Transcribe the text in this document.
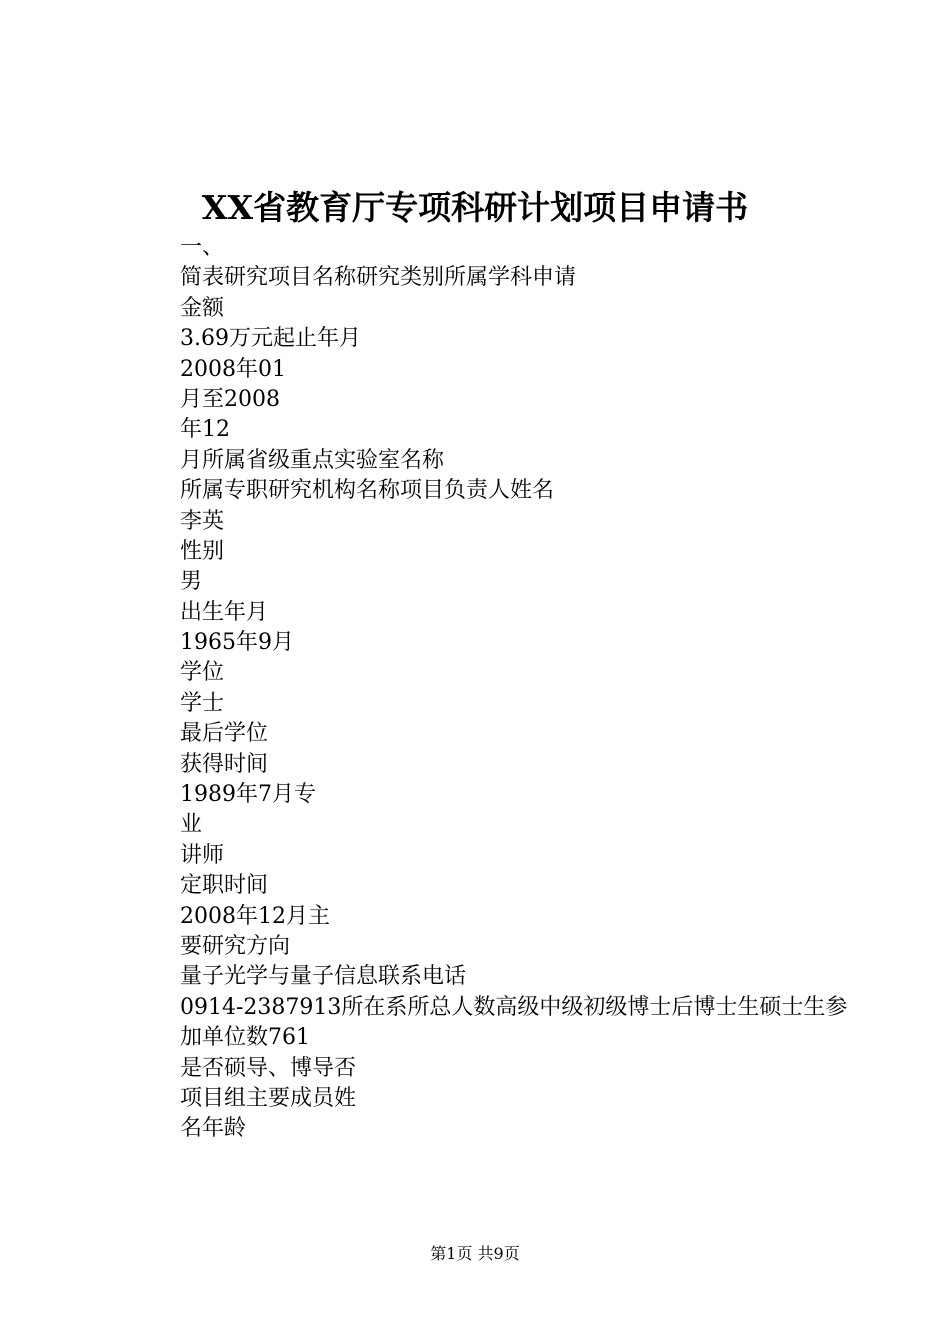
XX省教育厅专项科研计划项目申请书

一、

简表研究项目名称研究类别所属学科申请

金额

3.69万元起止年月

2008年01

月至2008

年12

月所属省级重点实验室名称

所属专职研究机构名称项目负责人姓名

李英

性别

男

出生年月

1965年9月

学位

学士

最后学位

获得时间

1989年7月专

业

讲师

定职时间

2008年12月主

要研究方向

量子光学与量子信息联系电话

0914-2387913所在系所总人数高级中级初级博士后博士生硕士生参

加单位数761

是否硕导、博导否

项目组主要成员姓

名年龄

第1页 共9页
